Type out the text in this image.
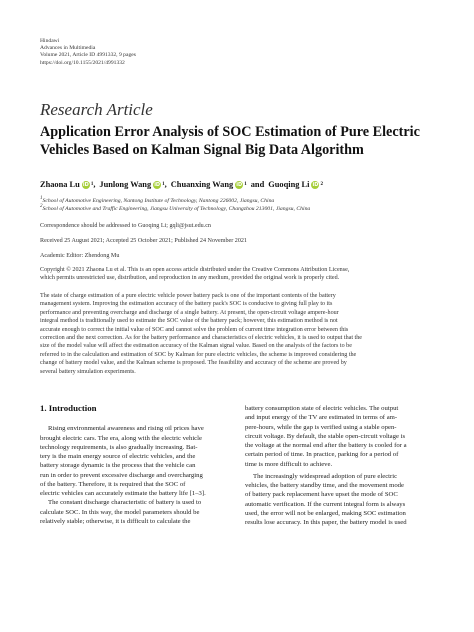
Hindawi
Advances in Multimedia
Volume 2021, Article ID 4991332, 9 pages
https://doi.org/10.1155/2021/4991332
Research Article
Application Error Analysis of SOC Estimation of Pure Electric
Vehicles Based on Kalman Signal Big Data Algorithm
Zhaona Lu iD 1 , Junlong Wang iD 1 , Chuanxing Wang iD 1 and Guoqing Li iD 2
$^1$School of Automotive Engineering, Nantong Institute of Technology, Nantong 226002, Jiangsu, China
$^2$School of Automotive and Traffic Engineering, Jiangsu University of Technology, Changzhou 213001, Jiangsu, China
Correspondence should be addressed to Guoqing Li; gqli@jsut.edu.cn
Received 25 August 2021; Accepted 25 October 2021; Published 24 November 2021
Academic Editor: Zhendong Mu
Copyright © 2021 Zhaona Lu et al. This is an open access article distributed under the Creative Commons Attribution License,
which permits unrestricted use, distribution, and reproduction in any medium, provided the original work is properly cited.
The state of charge estimation of a pure electric vehicle power battery pack is one of the important contents of the battery
management system. Improving the estimation accuracy of the battery pack's SOC is conducive to giving full play to its
performance and preventing overcharge and discharge of a single battery. At present, the open-circuit voltage ampere-hour
integral method is traditionally used to estimate the SOC value of the battery pack; however, this estimation method is not
accurate enough to correct the initial value of SOC and cannot solve the problem of current time integration error between this
correction and the next correction. As for the battery performance and characteristics of electric vehicles, it is used to output that the
size of the model value will affect the estimation accuracy of the Kalman signal value. Based on the analysis of the factors to be
referred to in the calculation and estimation of SOC by Kalman for pure electric vehicles, the scheme is improved considering the
change of battery model value, and the Kalman scheme is proposed. The feasibility and accuracy of the scheme are proved by
several battery simulation experiments.
1. Introduction
Rising environmental awareness and rising oil prices have
brought electric cars. The era, along with the electric vehicle
technology requirements, is also gradually increasing. Bat-
tery is the main energy source of electric vehicles, and the
battery storage dynamic is the process that the vehicle can
run in order to prevent excessive discharge and overcharging
of the battery. Therefore, it is required that the SOC of
electric vehicles can accurately estimate the battery life [1–3].
The constant discharge characteristic of battery is used to
calculate SOC. In this way, the model parameters should be
relatively stable; otherwise, it is difficult to calculate the
battery consumption state of electric vehicles. The output
and input energy of the TV are estimated in terms of am-
pere-hours, while the gap is verified using a stable open-
circuit voltage. By default, the stable open-circuit voltage is
the voltage at the normal end after the battery is cooled for a
certain period of time. In practice, parking for a period of
time is more difficult to achieve.
The increasingly widespread adoption of pure electric
vehicles, the battery standby time, and the movement mode
of battery pack replacement have upset the mode of SOC
automatic verification. If the current integral form is always
used, the error will not be enlarged, making SOC estimation
results lose accuracy. In this paper, the battery model is used
